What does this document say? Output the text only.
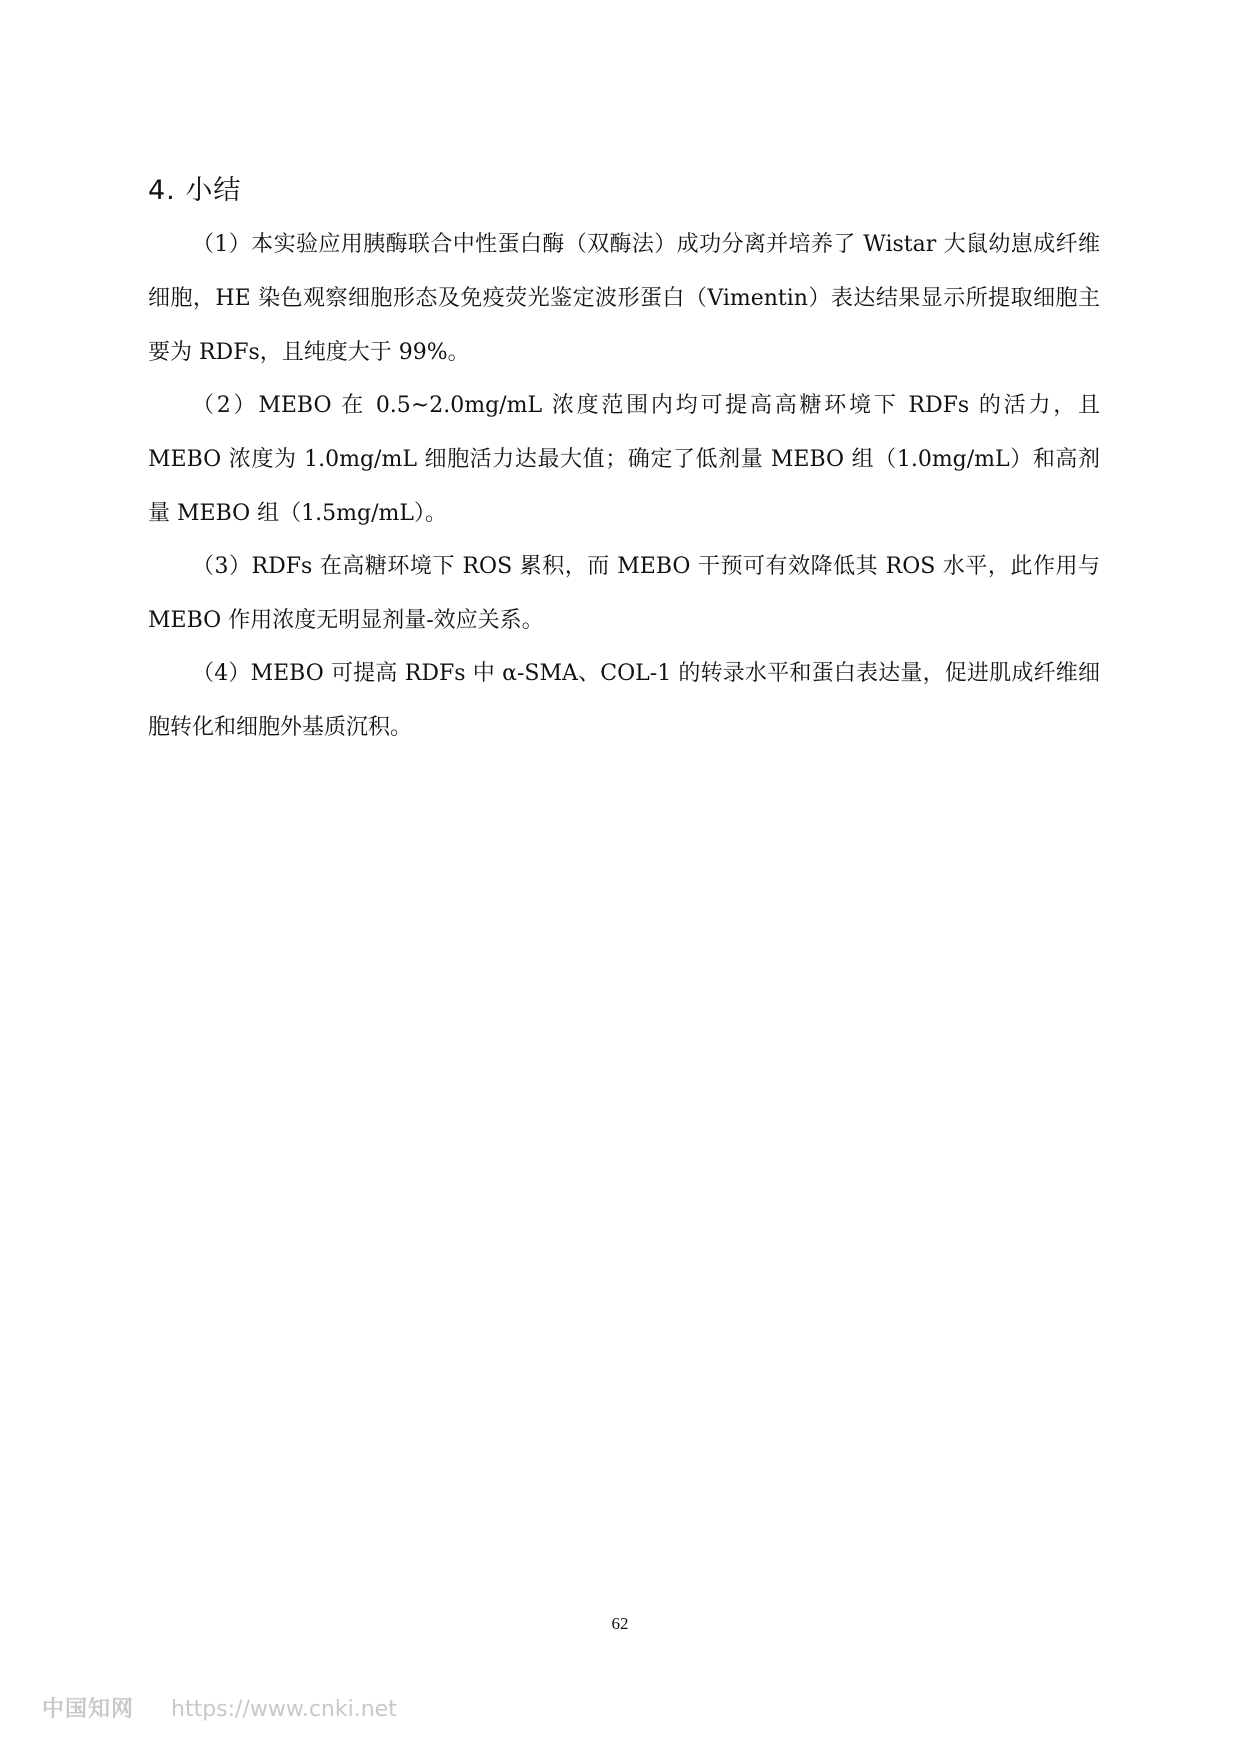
4. 小结

（1）本实验应用胰酶联合中性蛋白酶（双酶法）成功分离并培养了 Wistar 大鼠幼崽成纤维细胞，HE 染色观察细胞形态及免疫荧光鉴定波形蛋白（Vimentin）表达结果显示所提取细胞主要为 RDFs，且纯度大于 99%。

（2）MEBO 在 0.5~2.0mg/mL 浓度范围内均可提高高糖环境下 RDFs 的活力，且 MEBO 浓度为 1.0mg/mL 细胞活力达最大值；确定了低剂量 MEBO 组（1.0mg/mL）和高剂量 MEBO 组（1.5mg/mL）。

（3）RDFs 在高糖环境下 ROS 累积，而 MEBO 干预可有效降低其 ROS 水平，此作用与 MEBO 作用浓度无明显剂量-效应关系。

（4）MEBO 可提高 RDFs 中 α-SMA、COL-1 的转录水平和蛋白表达量，促进肌成纤维细胞转化和细胞外基质沉积。

62
中国知网 https://www.cnki.net
